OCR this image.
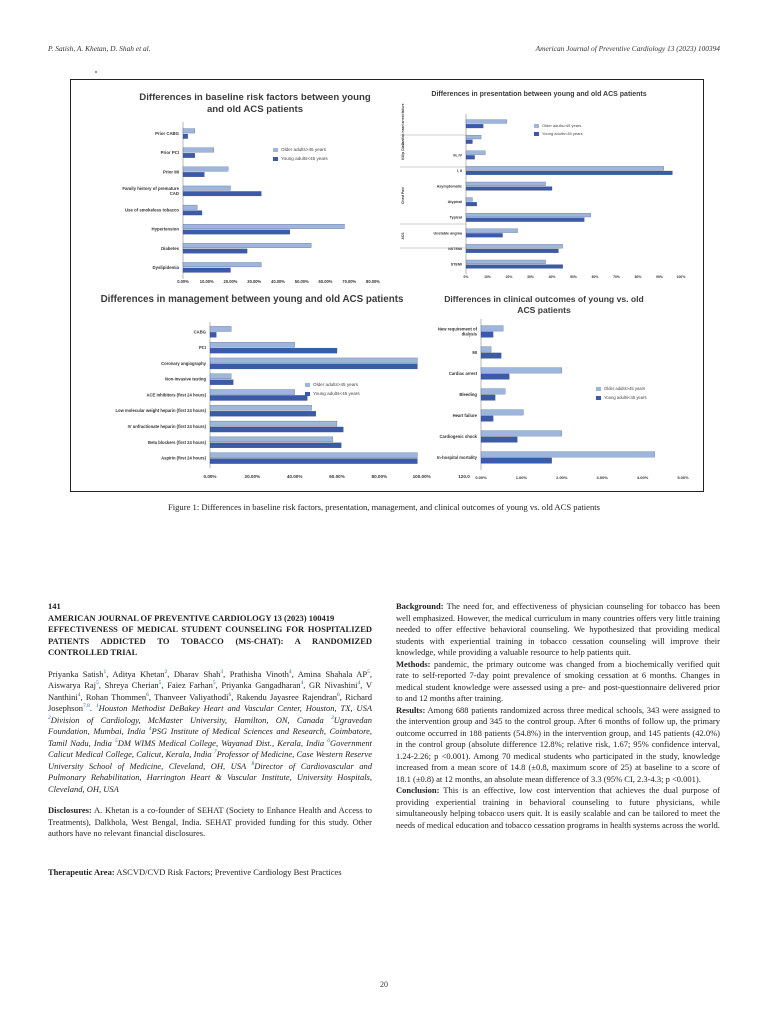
P. Satish, A. Khetan, D. Shah et al.	American Journal of Preventive Cardiology 13 (2023) 100394
Differences in baseline risk factors between young and old ACS patients
0.00%	10.00% 20.00% 30.00% 40.00% 50.00% 60.00% 70.00% 80.00%
Prior CABG
Prior PCI
Prior MI
Family history of premature
CAD
Use of smokeless tobacco
Hypertension
Diabetes
Dyslipidemia
Older adults>45 years
Young adults<45 years
Differences in presentation between young and old ACS patients
0%	10%	20%	30%	40%	50%	60%	70%	80%	90%	100%
III, IV
I, II
Asymptomatic
Atypical
Typical
Unstable angina
NSTEMI
STEMI
Cardiac heart arrest failure
Killip Class
Chest Pain
ACS
Older adults>45 years
Young adults<45 years
Differences in management between young and old ACS patients
0.00%	20.00%	40.00%	60.00%	80.00%	100.00%	120.0
CABG
PCI
Coronary angiography
Non-invasive testing
ACE inhibitors (first 24 hours)
Low molecular weight heparin (first 24 hours)
IV unfractionate heparin (first 24 hours)
Beta blockers (first 24 hours)
Aspirin (first 24 hours)
Older adults>45 years
Young adults<45 years
Differences in clinical outcomes of young vs. old ACS patients
0.00%	1.00%	2.00%	3.00%	4.00%	5.00%
New requirement of
dialysis
MI
Cardiac arrest
Bleeding
Heart failure
Cardiogenic shock
In-hospital mortality
Older adults>45 years
Young adults<45 years
Figure 1: Differences in baseline risk factors, presentation, management, and clinical outcomes of young vs. old ACS patients
141
AMERICAN JOURNAL OF PREVENTIVE CARDIOLOGY 13 (2023) 100419
EFFECTIVENESS OF MEDICAL STUDENT COUNSELING FOR HOSPITALIZED PATIENTS ADDICTED TO TOBACCO (MS-CHAT): A RANDOMIZED CONTROLLED TRIAL
Priyanka Satish$^1$, Aditya Khetan$^2$, Dharav Shah$^3$, Prathisha Vinoth$^4$, Amina Shahala $AP^5$, Aiswarya Raj$^5$, Shreya Cherian$^5$, Faiez Farhan$^5$, Priyanka Gangadharan$^4$, GR Nivashini$^4$, V Nanthini$^4$, Rohan Thommen$^6$, Thanveer Valiyathodi$^6$, Rakendu Jayasree Rajendran$^6$, Richard Josephson$^{7,8}$. $^1$Houston Methodist DeBakey Heart and Vascular Center, Houston, TX, USA $^2$Division of Cardiology, McMaster University, Hamilton, ON, Canada $^3$Ugravedan Foundation, Mumbai, India $^4$PSG Institute of Medical Sciences and Research, Coimbatore, Tamil Nadu, India $^5$DM WIMS Medical College, Wayanad Dist., Kerala, India $^6$Government Calicut Medical College, Calicut, Kerala, India $^7$Professor of Medicine, Case Western Reserve University School of Medicine, Cleveland, OH, USA $^8$Director of Cardiovascular and Pulmonary Rehabilitation, Harrington Heart & Vascular Institute, University Hospitals, Cleveland, OH, USA
Disclosures: A. Khetan is a co-founder of SEHAT (Society to Enhance Health and Access to Treatments), Dalkhola, West Bengal, India. SEHAT provided funding for this study. Other authors have no relevant financial disclosures.
Therapeutic Area: ASCVD/CVD Risk Factors; Preventive Cardiology Best Practices

Background: The need for, and effectiveness of physician counseling for tobacco has been well emphasized. However, the medical curriculum in many countries offers very little training needed to offer effective behavioral counseling. We hypothesized that providing medical students with experiential training in tobacco cessation counseling will improve their knowledge, while providing a valuable resource to help patients quit.

Methods: pandemic, the primary outcome was changed from a biochemically verified quit rate to self-reported 7-day point prevalence of smoking cessation at 6 months. Changes in medical student knowledge were assessed using a pre- and post-questionnaire delivered prior to and 12 months after training.

Results: Among 688 patients randomized across three medical schools, 343 were assigned to the intervention group and 345 to the control group. After 6 months of follow up, the primary outcome occurred in 188 patients (54.8%) in the intervention group, and 145 patients (42.0%) in the control group (absolute difference 12.8%; relative risk, 1.67; 95% confidence interval, 1.24-2.26; p <0.001). Among 70 medical students who participated in the study, knowledge increased from a mean score of 14.8 (±0.8, maximum score of 25) at baseline to a score of 18.1 (±0.8) at 12 months, an absolute mean difference of 3.3 (95% CI, 2.3-4.3; p <0.001).

Conclusion: This is an effective, low cost intervention that achieves the dual purpose of providing experiential training in behavioral counseling to future physicians, while simultaneously helping tobacco users quit. It is easily scalable and can be tailored to meet the needs of medical education and tobacco cessation programs in health systems across the world.

20
